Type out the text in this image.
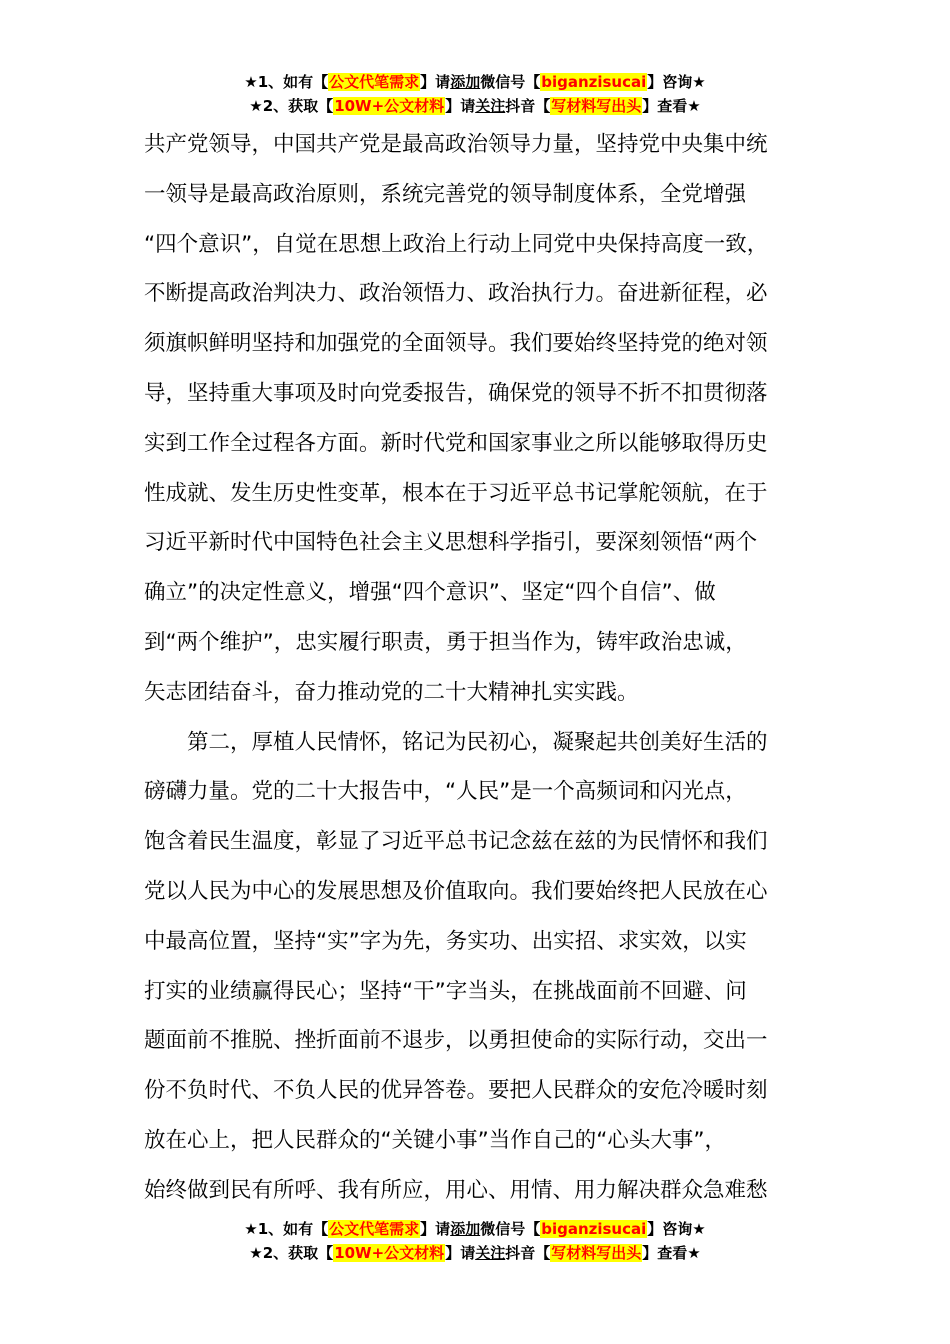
★1、如有【公文代笔需求】请添加微信号【biganzisucai】咨询★
★2、获取【10W+公文材料】请关注抖音【写材料写出头】查看★
共产党领导，中国共产党是最高政治领导力量，坚持党中央集中统
一领导是最高政治原则，系统完善党的领导制度体系，全党增强
“四个意识”，自觉在思想上政治上行动上同党中央保持高度一致，
不断提高政治判决力、政治领悟力、政治执行力。奋进新征程，必
须旗帜鲜明坚持和加强党的全面领导。我们要始终坚持党的绝对领
导，坚持重大事项及时向党委报告，确保党的领导不折不扣贯彻落
实到工作全过程各方面。新时代党和国家事业之所以能够取得历史
性成就、发生历史性变革，根本在于习近平总书记掌舵领航，在于
习近平新时代中国特色社会主义思想科学指引，要深刻领悟“两个
确立”的决定性意义，增强“四个意识”、坚定“四个自信”、做
到“两个维护”，忠实履行职责，勇于担当作为，铸牢政治忠诚，
矢志团结奋斗，奋力推动党的二十大精神扎实实践。
第二，厚植人民情怀，铭记为民初心，凝聚起共创美好生活的
磅礴力量。党的二十大报告中，“人民”是一个高频词和闪光点，
饱含着民生温度，彰显了习近平总书记念兹在兹的为民情怀和我们
党以人民为中心的发展思想及价值取向。我们要始终把人民放在心
中最高位置，坚持“实”字为先，务实功、出实招、求实效，以实
打实的业绩赢得民心；坚持“干”字当头，在挑战面前不回避、问
题面前不推脱、挫折面前不退步，以勇担使命的实际行动，交出一
份不负时代、不负人民的优异答卷。要把人民群众的安危冷暖时刻
放在心上，把人民群众的“关键小事”当作自己的“心头大事”，
始终做到民有所呼、我有所应，用心、用情、用力解决群众急难愁
★1、如有【公文代笔需求】请添加微信号【biganzisucai】咨询★
★2、获取【10W+公文材料】请关注抖音【写材料写出头】查看★
